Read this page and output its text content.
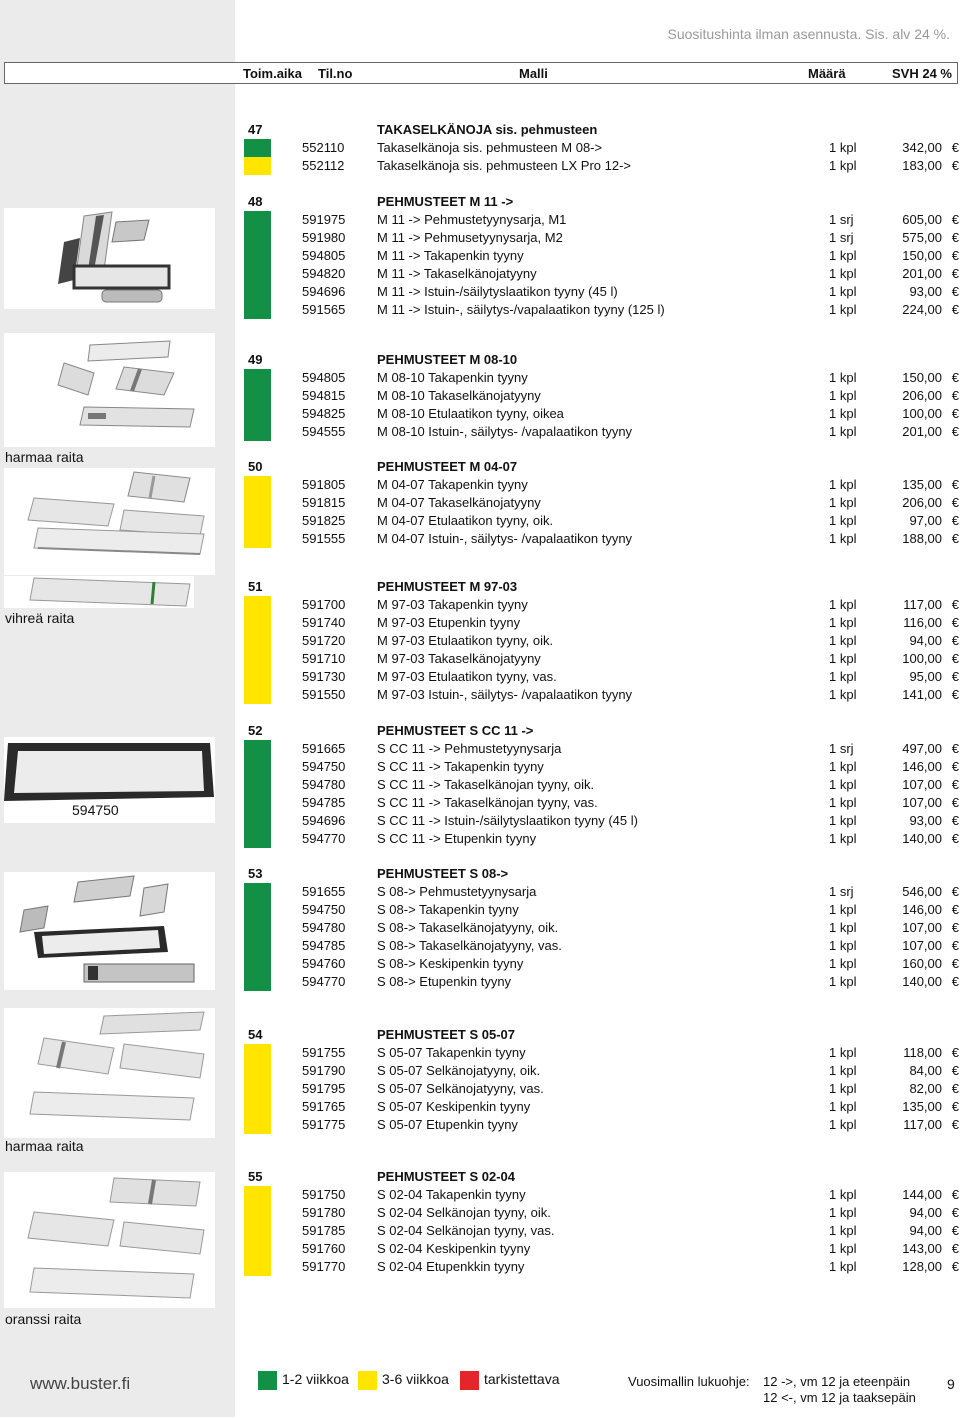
Suositushinta ilman asennusta. Sis. alv 24 %.
Toim.aika Til.no	Malli	Määrä	SVH 24 %
harmaa raita
vihreä raita
594750
harmaa raita
oranssi raita
47	TAKASELKÄNOJA sis. pehmusteen
552110	Takaselkänoja sis. pehmusteen M 08->	1 kpl	342,00 €
552112	Takaselkänoja sis. pehmusteen LX Pro 12->	1 kpl	183,00 €
48	PEHMUSTEET M 11 ->
591975 M 11 -> Pehmustetyynysarja, M1	1 srj	605,00 €
591980 M 11 -> Pehmusetyynysarja, M2	1 srj	575,00 €
594805 M 11 -> Takapenkin tyyny	1 kpl	150,00 €
594820 M 11 -> Takaselkänojatyyny	1 kpl	201,00 €
594696 M 11 -> Istuin-/säilytyslaatikon tyyny (45 l)	1 kpl	93,00 €
591565 M 11 -> Istuin-, säilytys-/vapalaatikon tyyny (125 l)	1 kpl	224,00 €
49	PEHMUSTEET M 08-10
594805 M 08-10 Takapenkin tyyny	1 kpl	150,00 €
594815 M 08-10 Takaselkänojatyyny	1 kpl	206,00 €
594825 M 08-10 Etulaatikon tyyny, oikea	1 kpl	100,00 €
594555 M 08-10 Istuin-, säilytys- /vapalaatikon tyyny	1 kpl	201,00 €
50	PEHMUSTEET M 04-07
591805 M 04-07 Takapenkin tyyny	1 kpl	135,00 €
591815 M 04-07 Takaselkänojatyyny	1 kpl	206,00 €
591825 M 04-07 Etulaatikon tyyny, oik.	1 kpl	97,00 €
591555 M 04-07 Istuin-, säilytys- /vapalaatikon tyyny	1 kpl	188,00 €
51	PEHMUSTEET M 97-03
591700 M 97-03 Takapenkin tyyny	1 kpl	117,00 €
591740 M 97-03 Etupenkin tyyny	1 kpl	116,00 €
591720 M 97-03 Etulaatikon tyyny, oik.	1 kpl	94,00 €
591710 M 97-03 Takaselkänojatyyny	1 kpl	100,00 €
591730 M 97-03 Etulaatikon tyyny, vas.	1 kpl	95,00 €
591550 M 97-03 Istuin-, säilytys- /vapalaatikon tyyny	1 kpl	141,00 €
52	PEHMUSTEET S CC 11 ->
591665 S CC 11 -> Pehmustetyynysarja	1 srj	497,00 €
594750 S CC 11 -> Takapenkin tyyny	1 kpl	146,00 €
594780 S CC 11 -> Takaselkänojan tyyny, oik.	1 kpl	107,00 €
594785 S CC 11 -> Takaselkänojan tyyny, vas.	1 kpl	107,00 €
594696 S CC 11 -> Istuin-/säilytyslaatikon tyyny (45 l)	1 kpl	93,00 €
594770 S CC 11 -> Etupenkin tyyny	1 kpl	140,00 €
53	PEHMUSTEET S 08->
591655 S 08-> Pehmustetyynysarja	1 srj	546,00 €
594750 S 08-> Takapenkin tyyny	1 kpl	146,00 €
594780 S 08-> Takaselkänojatyyny, oik.	1 kpl	107,00 €
594785 S 08-> Takaselkänojatyyny, vas.	1 kpl	107,00 €
594760 S 08-> Keskipenkin tyyny	1 kpl	160,00 €
594770 S 08-> Etupenkin tyyny	1 kpl	140,00 €
54	PEHMUSTEET S 05-07
591755 S 05-07 Takapenkin tyyny	1 kpl	118,00 €
591790 S 05-07 Selkänojatyyny, oik.	1 kpl	84,00 €
591795 S 05-07 Selkänojatyyny, vas.	1 kpl	82,00 €
591765 S 05-07 Keskipenkin tyyny	1 kpl	135,00 €
591775 S 05-07 Etupenkin tyyny	1 kpl	117,00 €
55	PEHMUSTEET S 02-04
591750 S 02-04 Takapenkin tyyny	1 kpl	144,00 €
591780 S 02-04 Selkänojan tyyny, oik.	1 kpl	94,00 €
591785 S 02-04 Selkänojan tyyny, vas.	1 kpl	94,00 €
591760 S 02-04 Keskipenkin tyyny	1 kpl	143,00 €
591770 S 02-04 Etupenkkin tyyny	1 kpl	128,00 €
www.buster.fi	1-2 viikkoa	3-6 viikkoa	tarkistettava	Vuosimallin lukuohje: 12 ->, vm 12 ja eteenpäin
12 <-, vm 12 ja taaksepäin
9
